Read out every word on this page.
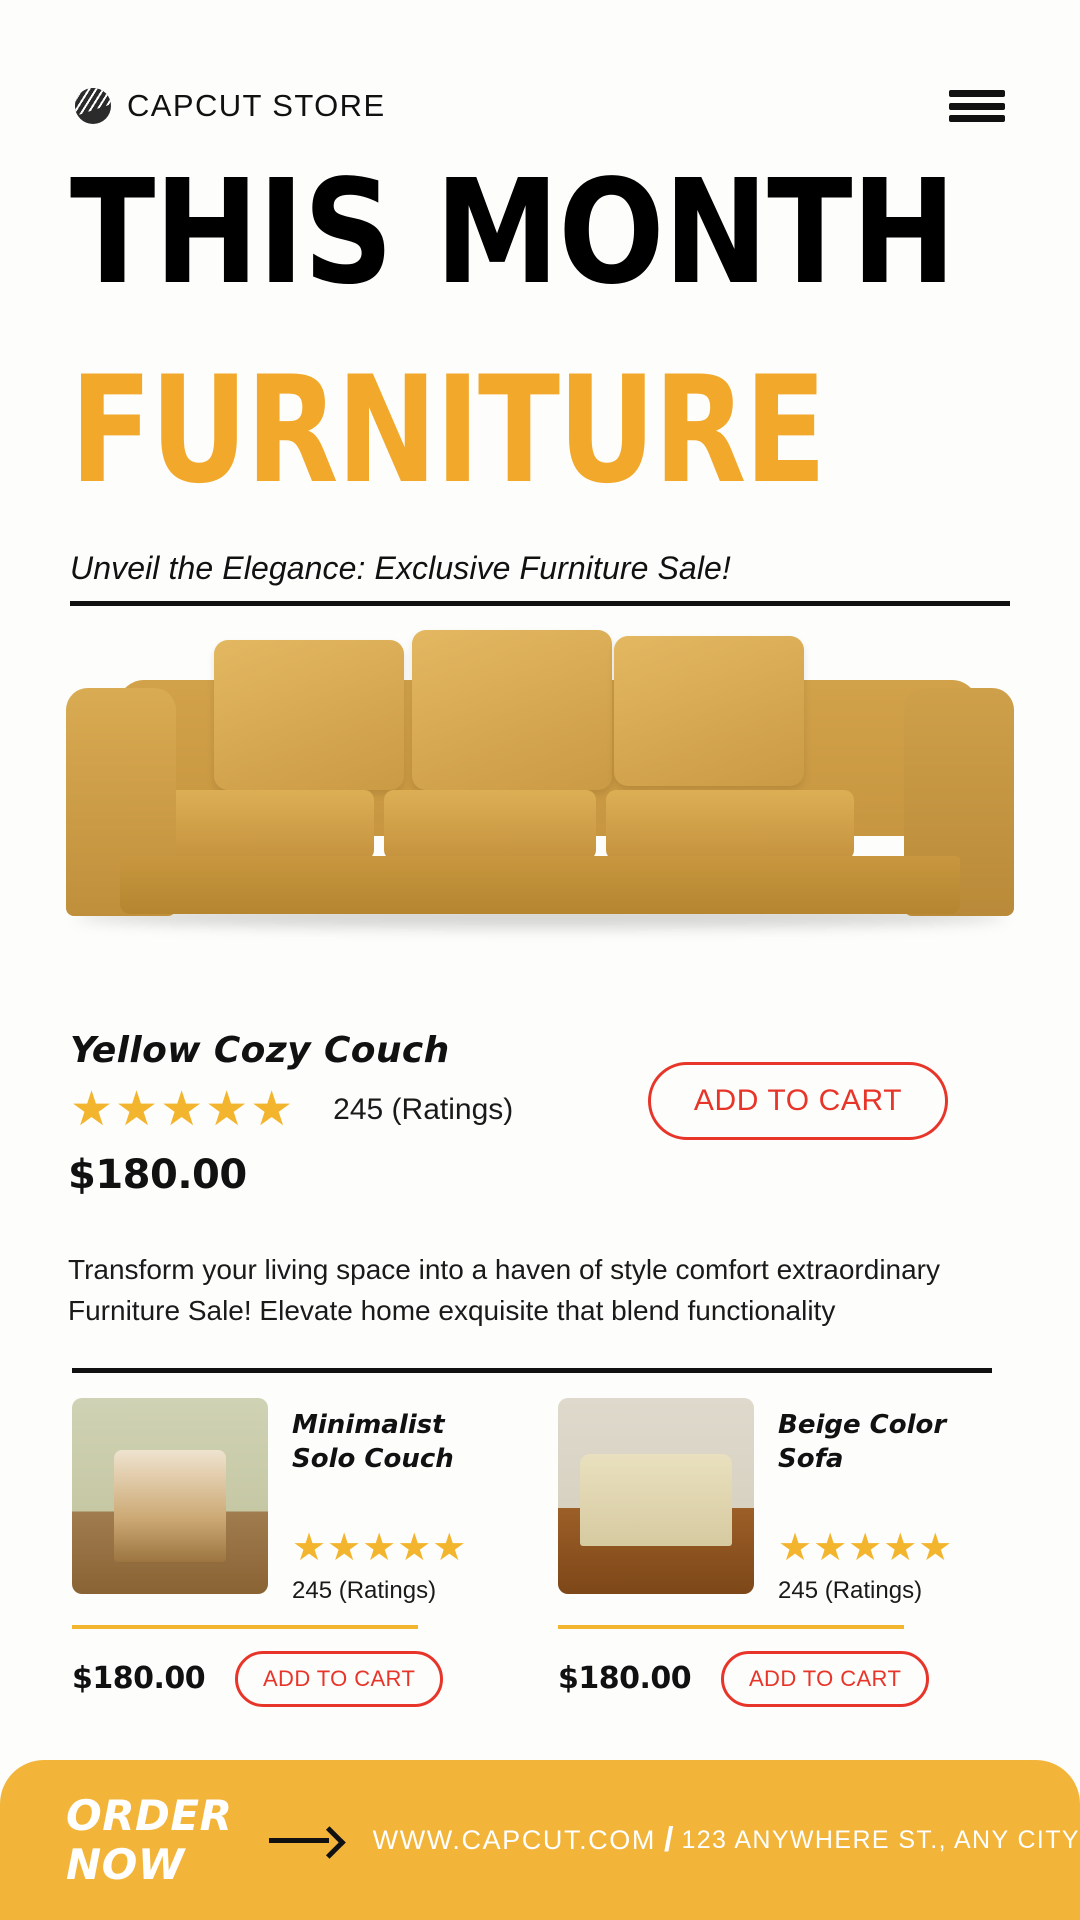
CAPCUT STORE
THIS MONTH
FURNITURE
Unveil the Elegance: Exclusive Furniture Sale!
Yellow Cozy Couch
★★★★★ 245 (Ratings)
$180.00
ADD TO CART
Transform your living space into a haven of style comfort extraordinary Furniture Sale! Elevate home exquisite that blend functionality
Minimalist Solo Couch
★★★★★
245 (Ratings)
$180.00	ADD TO CART
Beige Color Sofa
★★★★★
245 (Ratings)
$180.00	ADD TO CART
ORDER NOW
WWW.CAPCUT.COM / 123 ANYWHERE ST., ANY CITY
